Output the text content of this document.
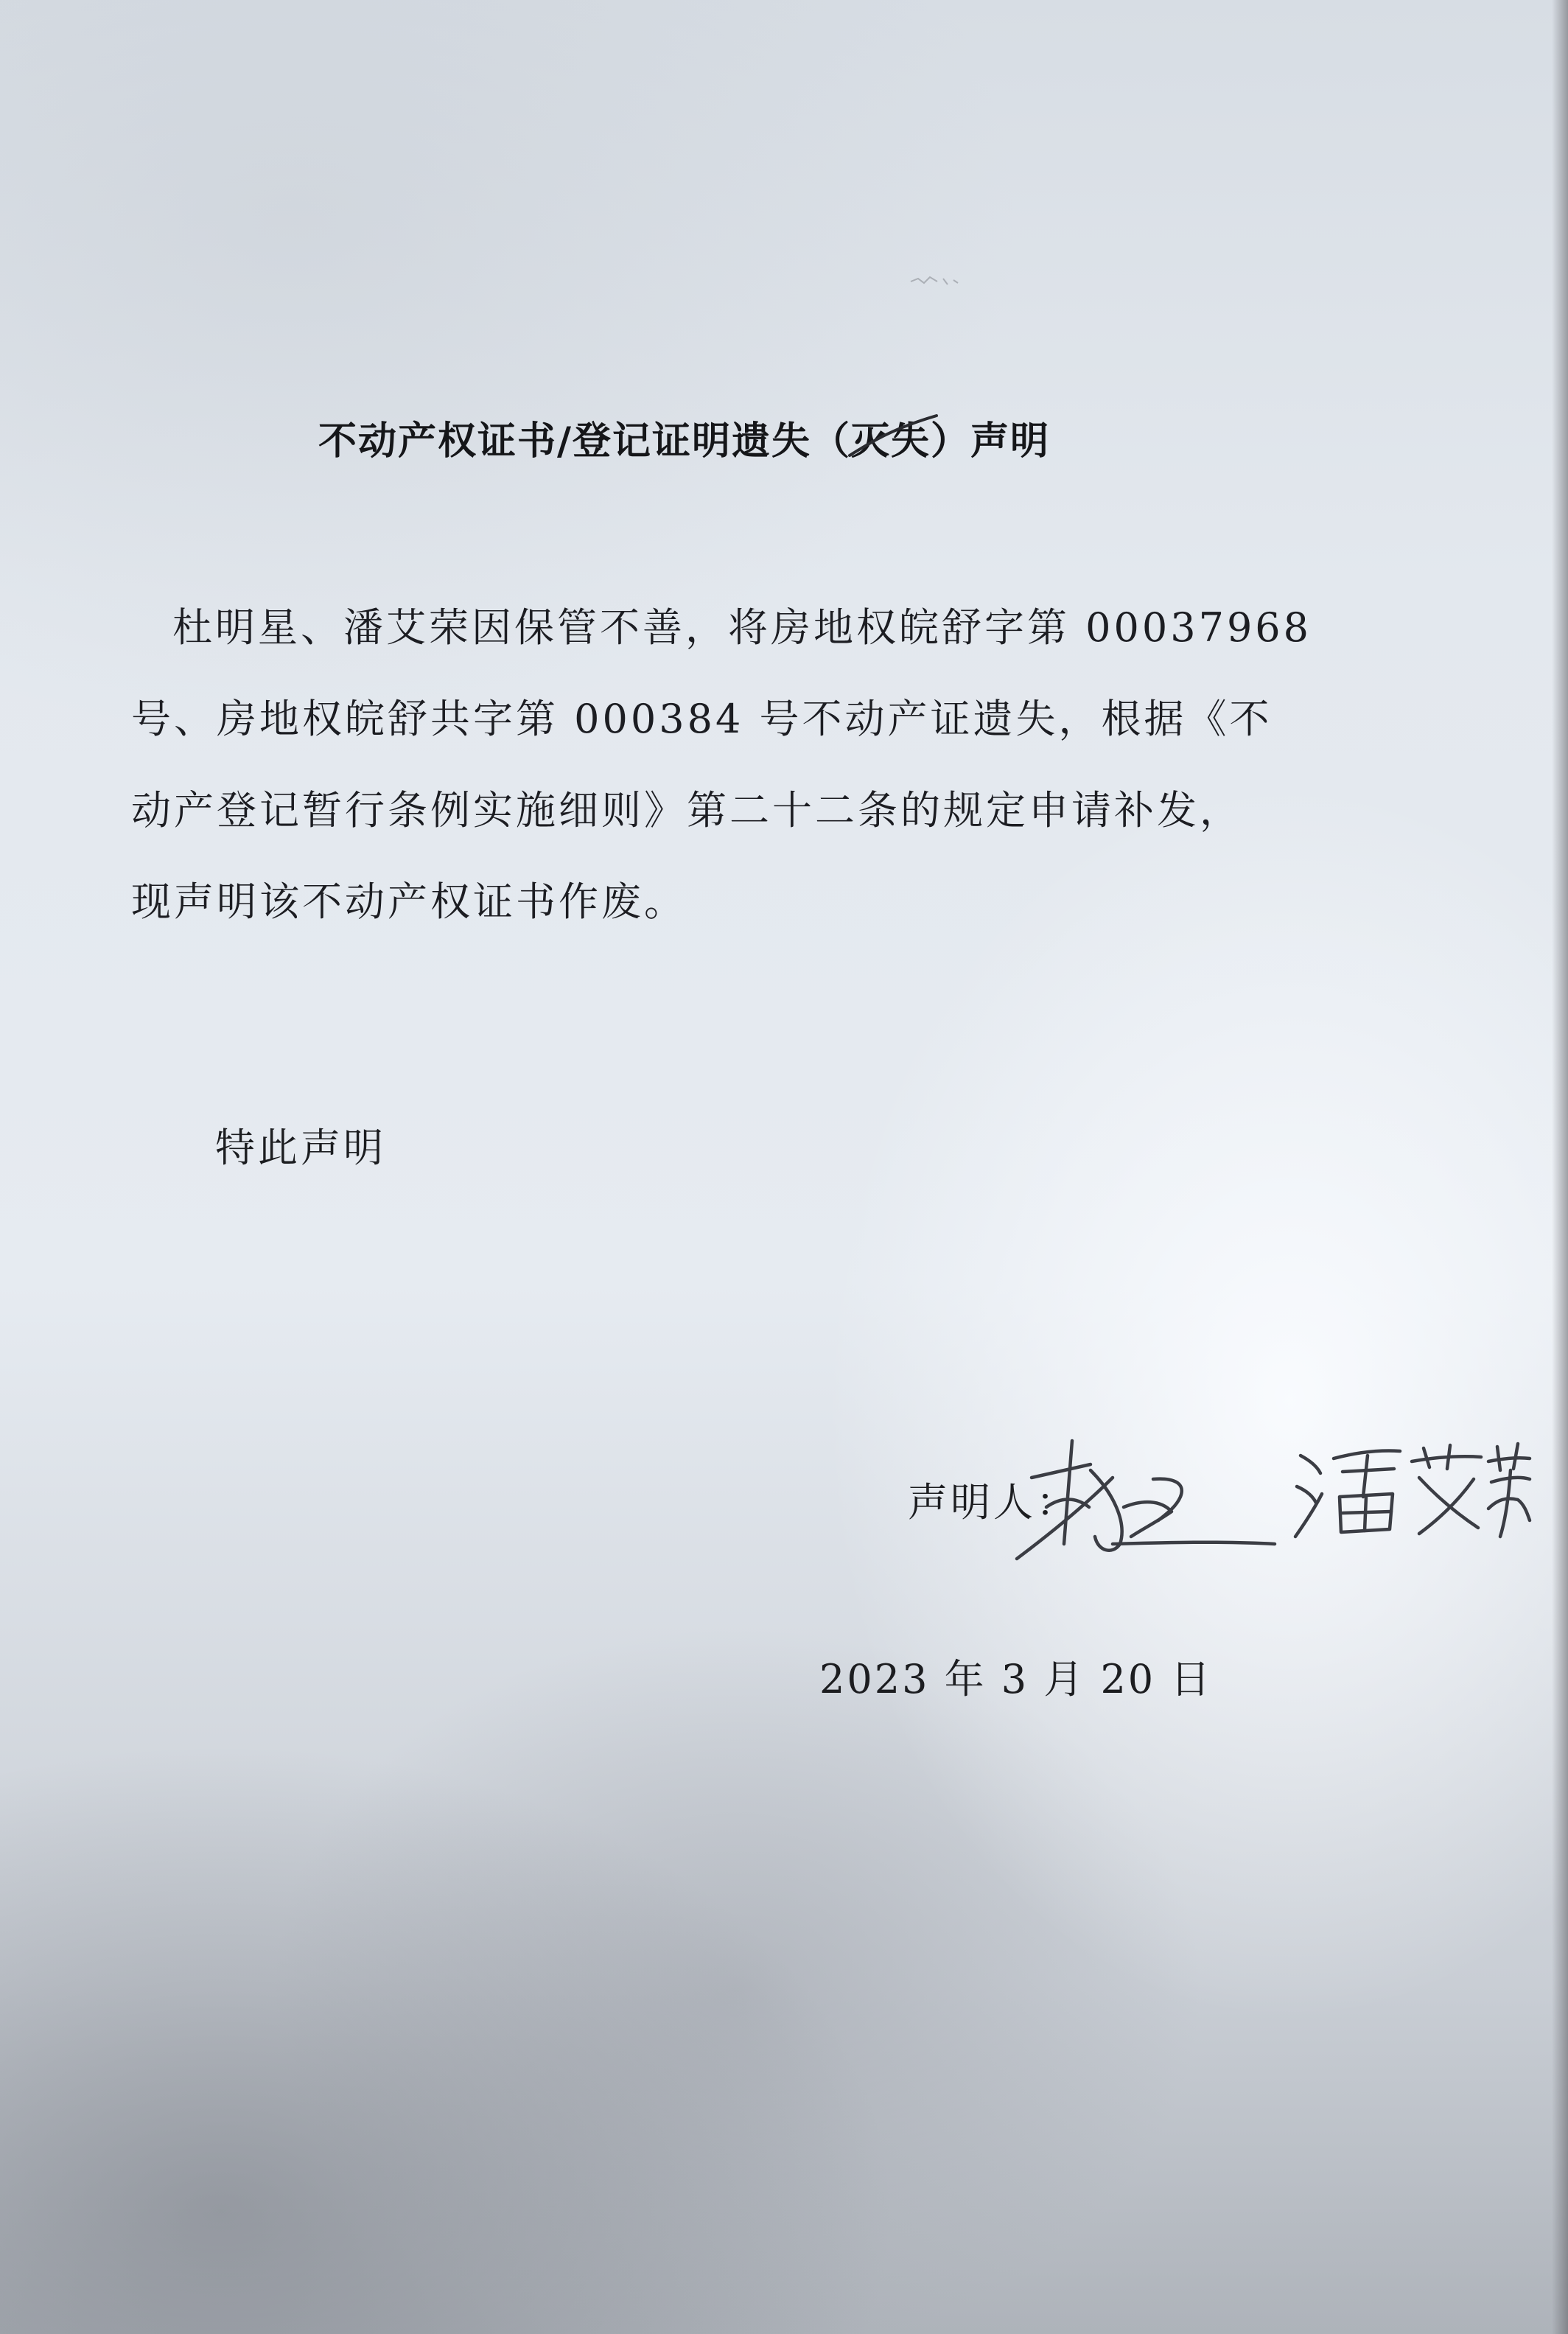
不动产权证书/登记证明遗失（灭失
）声明
杜明星、潘艾荣因保管不善，将房地权皖舒字第 00037968
号、房地权皖舒共字第 000384 号不动产证遗失，根据《不
动产登记暂行条例实施细则》第二十二条的规定申请补发，
现声明该不动产权证书作废。
特此声明
声明人：
2023 年 3 月 20 日
